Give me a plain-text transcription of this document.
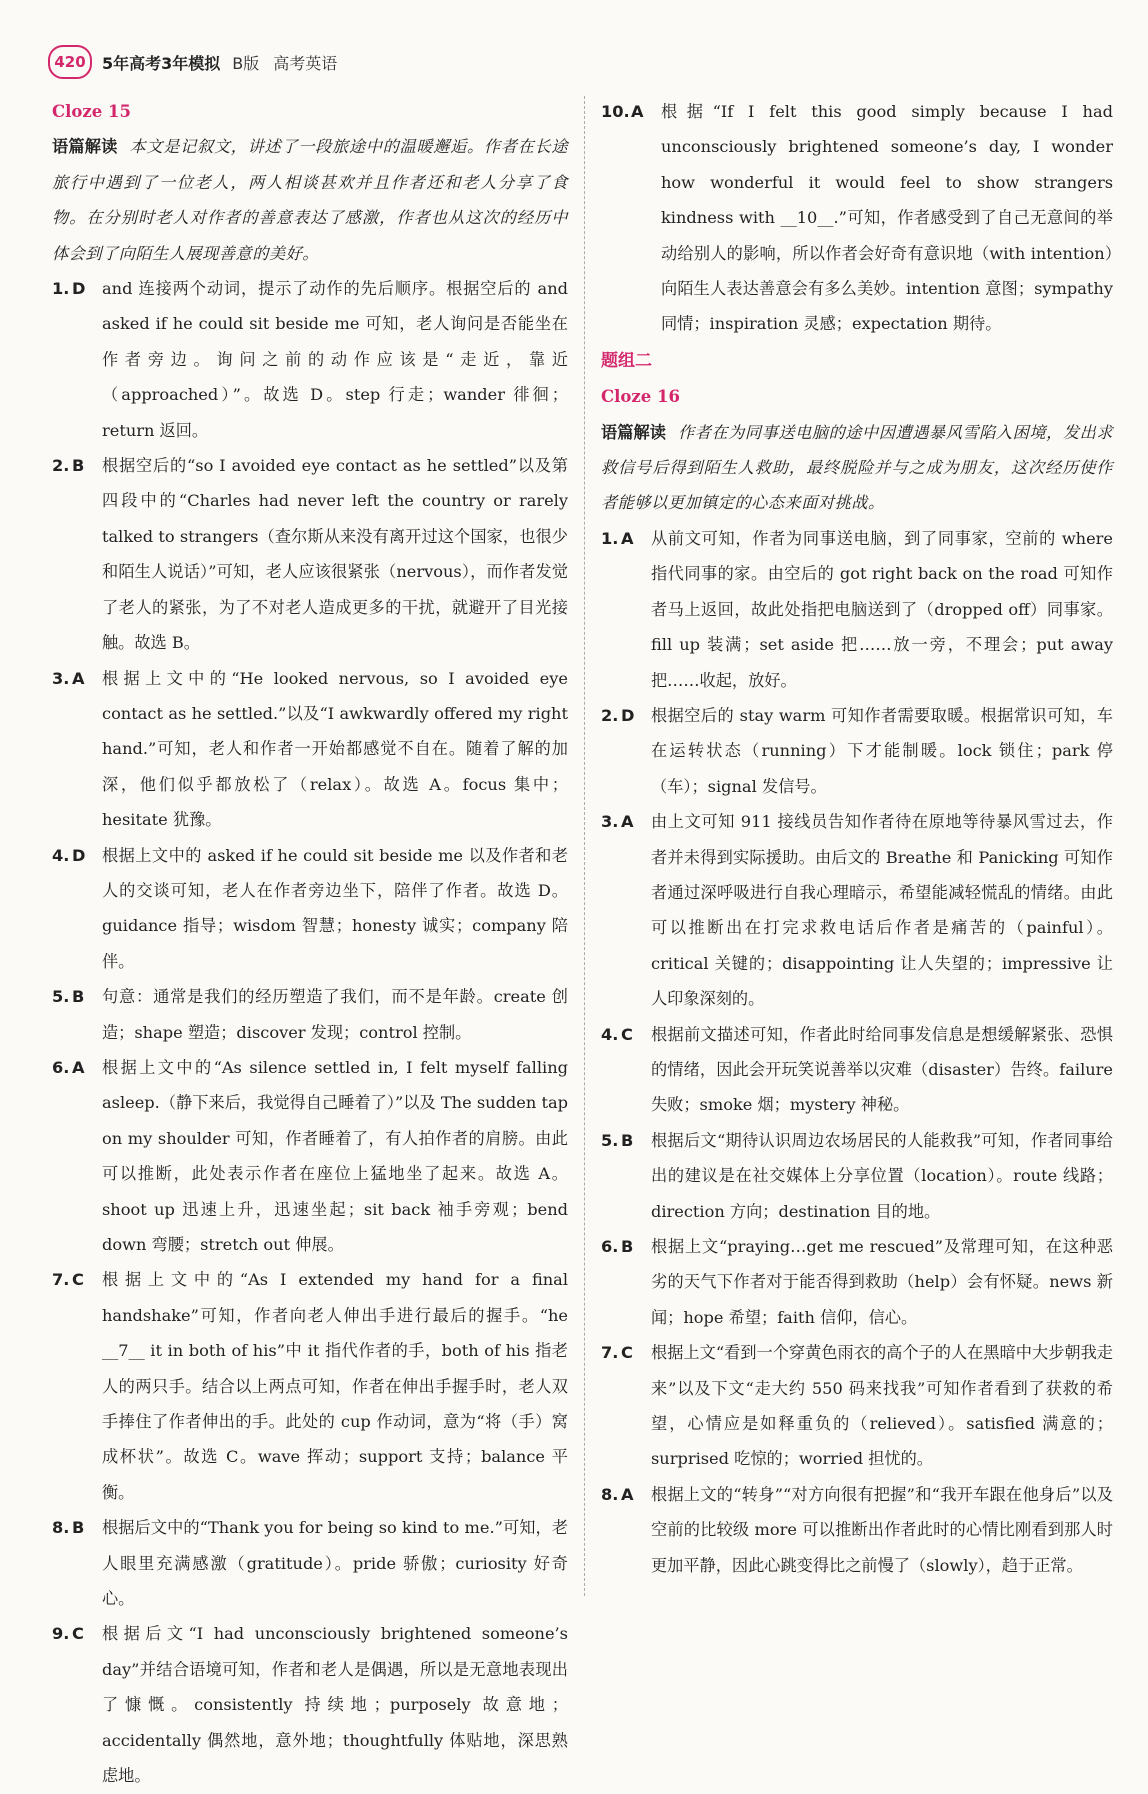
420	5年高考3年模拟 B版 高考英语
Cloze 15

语篇解读 本文是记叙文，讲述了一段旅途中的温暖邂逅。作者在长途旅行中遇到了一位老人，两人相谈甚欢并且作者还和老人分享了食物。在分别时老人对作者的善意表达了感激，作者也从这次的经历中体会到了向陌生人展现善意的美好。

1. D	and 连接两个动词，提示了动作的先后顺序。根据空后的 and asked if he could sit beside me 可知，老人询问是否能坐在作者旁边。询问之前的动作应该是“走近，靠近（approached）”。故选 D。step 行走；wander 徘徊；return 返回。

2. B	根据空后的“so I avoided eye contact as he settled”以及第四段中的“Charles had never left the country or rarely talked to strangers（查尔斯从来没有离开过这个国家，也很少和陌生人说话）”可知，老人应该很紧张（nervous），而作者发觉了老人的紧张，为了不对老人造成更多的干扰，就避开了目光接触。故选 B。

3. A	根据上文中的“He looked nervous, so I avoided eye contact as he settled.”以及“I awkwardly offered my right hand.”可知，老人和作者一开始都感觉不自在。随着了解的加深，他们似乎都放松了（relax）。故选 A。focus 集中；hesitate 犹豫。

4. D	根据上文中的 asked if he could sit beside me 以及作者和老人的交谈可知，老人在作者旁边坐下，陪伴了作者。故选 D。guidance 指导；wisdom 智慧；honesty 诚实；company 陪伴。

5. B	句意：通常是我们的经历塑造了我们，而不是年龄。create 创造；shape 塑造；discover 发现；control 控制。

6. A	根据上文中的“As silence settled in, I felt myself falling asleep.（静下来后，我觉得自己睡着了）”以及 The sudden tap on my shoulder 可知，作者睡着了，有人拍作者的肩膀。由此可以推断，此处表示作者在座位上猛地坐了起来。故选 A。shoot up 迅速上升，迅速坐起；sit back 袖手旁观；bend down 弯腰；stretch out 伸展。

7. C	根据上文中的“As I extended my hand for a final handshake”可知，作者向老人伸出手进行最后的握手。“he __7__ it in both of his”中 it 指代作者的手，both of his 指老人的两只手。结合以上两点可知，作者在伸出手握手时，老人双手捧住了作者伸出的手。此处的 cup 作动词，意为“将（手）窝成杯状”。故选 C。wave 挥动；support 支持；balance 平衡。

8. B	根据后文中的“Thank you for being so kind to me.”可知，老人眼里充满感激（gratitude）。pride 骄傲；curiosity 好奇心。

9. C	根据后文“I had unconsciously brightened someone’s day”并结合语境可知，作者和老人是偶遇，所以是无意地表现出了慷慨。consistently 持续地；purposely 故意地；accidentally 偶然地，意外地；thoughtfully 体贴地，深思熟虑地。

10. A	根据“If I felt this good simply because I had unconsciously brightened someone’s day, I wonder how wonderful it would feel to show strangers kindness with __10__.”可知，作者感受到了自己无意间的举动给别人的影响，所以作者会好奇有意识地（with intention）向陌生人表达善意会有多么美妙。intention 意图；sympathy 同情；inspiration 灵感；expectation 期待。

题组二
Cloze 16

语篇解读 作者在为同事送电脑的途中因遭遇暴风雪陷入困境，发出求救信号后得到陌生人救助，最终脱险并与之成为朋友，这次经历使作者能够以更加镇定的心态来面对挑战。

1. A	从前文可知，作者为同事送电脑，到了同事家，空前的 where 指代同事的家。由空后的 got right back on the road 可知作者马上返回，故此处指把电脑送到了（dropped off）同事家。fill up 装满；set aside 把……放一旁，不理会；put away 把……收起，放好。

2. D	根据空后的 stay warm 可知作者需要取暖。根据常识可知，车在运转状态（running）下才能制暖。lock 锁住；park 停（车）；signal 发信号。

3. A	由上文可知 911 接线员告知作者待在原地等待暴风雪过去，作者并未得到实际援助。由后文的 Breathe 和 Panicking 可知作者通过深呼吸进行自我心理暗示，希望能减轻慌乱的情绪。由此可以推断出在打完求救电话后作者是痛苦的（painful）。critical 关键的；disappointing 让人失望的；impressive 让人印象深刻的。

4. C	根据前文描述可知，作者此时给同事发信息是想缓解紧张、恐惧的情绪，因此会开玩笑说善举以灾难（disaster）告终。failure 失败；smoke 烟；mystery 神秘。

5. B	根据后文“期待认识周边农场居民的人能救我”可知，作者同事给出的建议是在社交媒体上分享位置（location）。route 线路；direction 方向；destination 目的地。

6. B	根据上文“praying…get me rescued”及常理可知，在这种恶劣的天气下作者对于能否得到救助（help）会有怀疑。news 新闻；hope 希望；faith 信仰，信心。

7. C	根据上文“看到一个穿黄色雨衣的高个子的人在黑暗中大步朝我走来”以及下文“走大约 550 码来找我”可知作者看到了获救的希望，心情应是如释重负的（relieved）。satisfied 满意的；surprised 吃惊的；worried 担忧的。

8. A	根据上文的“转身”“对方向很有把握”和“我开车跟在他身后”以及空前的比较级 more 可以推断出作者此时的心情比刚看到那人时更加平静，因此心跳变得比之前慢了（slowly），趋于正常。
